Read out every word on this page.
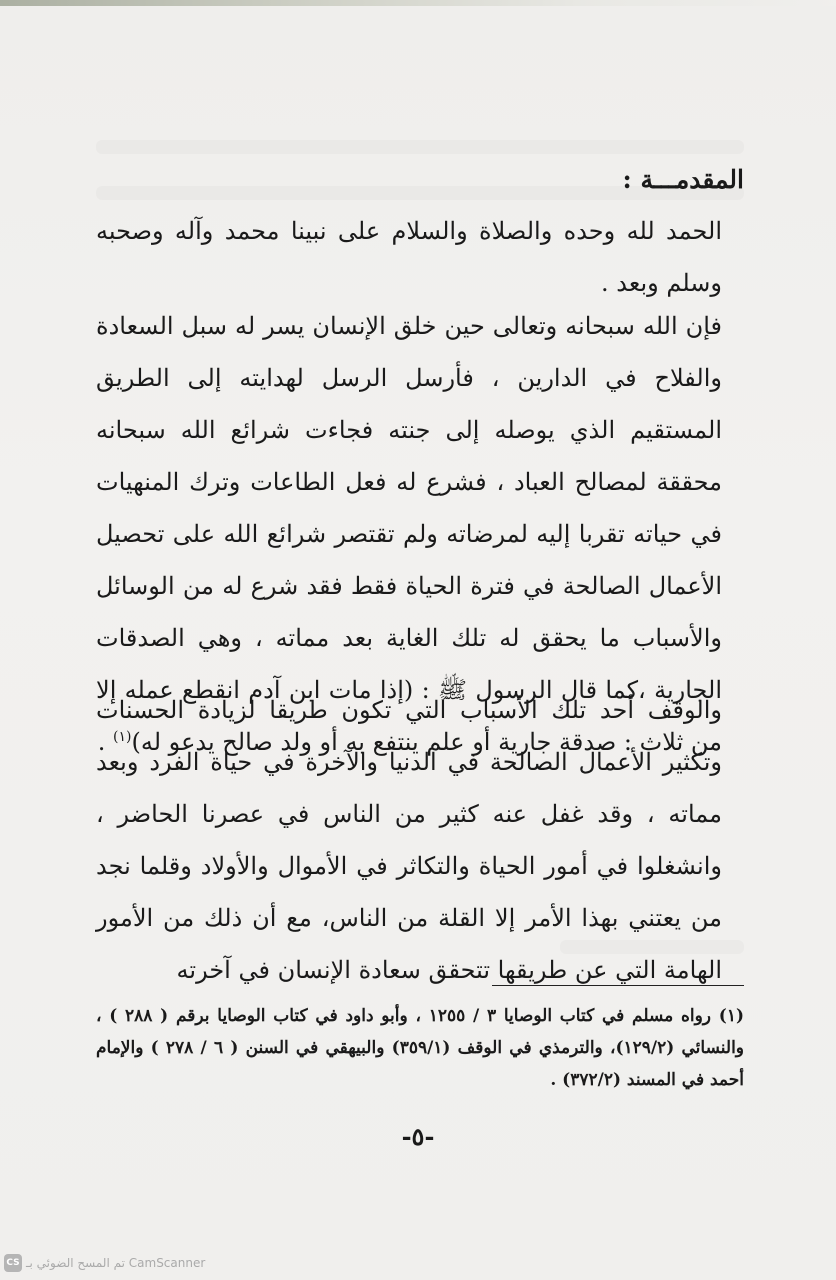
المقدمـــة :

الحمد لله وحده والصلاة والسلام على نبينا محمد وآله وصحبه وسلم وبعد .

فإن الله سبحانه وتعالى حين خلق الإنسان يسر له سبل السعادة والفلاح في الدارين ، فأرسل الرسل لهدايته إلى الطريق المستقيم الذي يوصله إلى جنته فجاءت شرائع الله سبحانه محققة لمصالح العباد ، فشرع له فعل الطاعات وترك المنهيات في حياته تقربا إليه لمرضاته ولم تقتصر شرائع الله على تحصيل الأعمال الصالحة في فترة الحياة فقط فقد شرع له من الوسائل والأسباب ما يحقق له تلك الغاية بعد مماته ، وهي الصدقات الجارية ،كما قال الرسول ﷺ : (إذا مات ابن آدم انقطع عمله إلا من ثلاث : صدقة جارية أو علم ينتفع به أو ولد صالح يدعو له)$^{(١)}$ .

والوقف أحد تلك الأسباب التي تكون طريقا لزيادة الحسنات وتكثير الأعمال الصالحة في الدنيا والآخرة في حياة الفرد وبعد مماته ، وقد غفل عنه كثير من الناس في عصرنا الحاضر ، وانشغلوا في أمور الحياة والتكاثر في الأموال والأولاد وقلما نجد من يعتني بهذا الأمر إلا القلة من الناس، مع أن ذلك من الأمور الهامة التي عن طريقها تتحقق سعادة الإنسان في آخرته

(١) رواه مسلم في كتاب الوصايا ٣ / ١٢٥٥ ، وأبو داود في كتاب الوصايا برقم ( ٢٨٨ ) ، والنسائي (١٢٩/٢)، والترمذي في الوقف (٣٥٩/١) والبيهقي في السنن ( ٦ / ٢٧٨ ) والإمام أحمد في المسند (٣٧٢/٢) .
-٥-
CS تم المسح الضوئي بـ CamScanner
